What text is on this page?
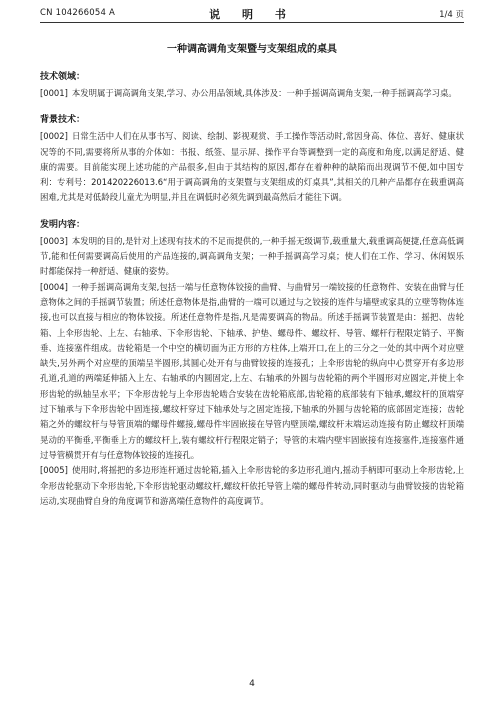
CN 104266054 A	说 明 书	1/4 页
一种调高调角支架暨与支架组成的桌具
技术领域：

[0001] 本发明属于调高调角支架,学习、办公用品领域,具体涉及：一种手摇调高调角支架,一种手摇调高学习桌。

背景技术：

[0002] 日常生活中人们在从事书写、阅读、绘制、影视观赏、手工操作等活动时,常因身高、体位、喜好、健康状况等的不同,需要将所从事的介体如：书报、纸签、显示屏、操作平台等调整到一定的高度和角度,以满足舒适、健康的需要。目前能实现上述功能的产品很多,但由于其结构的原因,都存在着种种的缺陷而出现调节不便,如中国专利：专利号：201420226013.6“用于调高调角的支架暨与支架组成的灯桌具”,其相关的几种产品都存在载重调高困难,尤其是对低龄段儿童尤为明显,并且在调低时必须先调到最高然后才能往下调。

发明内容：

[0003] 本发明的目的,是针对上述现有技术的不足而提供的,一种手摇无级调节,载重量大,载重调高便捷,任意高低调节,能和任何需要调高后使用的产品连接的,调高调角支架；一种手摇调高学习桌；使人们在工作、学习、休闲娱乐时都能保持一种舒适、健康的姿势。

[0004] 一种手摇调高调角支架,包括一端与任意物体铰接的曲臂、与曲臂另一端铰接的任意物件、安装在曲臂与任意物体之间的手摇调节装置；所述任意物体是指,曲臂的一端可以通过与之铰接的连件与墙壁或家具的立壁等物体连接,也可以直接与相应的物体铰接。所述任意物件是指,凡是需要调高的物品。所述手摇调节装置是由：摇把、齿轮箱、上伞形齿轮、上左、右轴承、下伞形齿轮、下轴承、护垫、螺母件、螺纹杆、导管、螺杆行程限定销子、平衡垂、连接塞件组成。齿轮箱是一个中空的横切面为正方形的方柱体,上端开口,在上的三分之一处的其中两个对应壁缺失,另外两个对应壁的顶端呈半圆形,其圆心处开有与曲臂铰接的连接孔；上伞形齿轮的纵向中心贯穿开有多边形孔道,孔道的两端延伸插入上左、右轴承的内圆固定,上左、右轴承的外圆与齿轮箱的两个半圆形对应圆定,并使上伞形齿轮的纵轴呈水平；下伞形齿轮与上伞形齿轮啮合安装在齿轮箱底部,齿轮箱的底部装有下轴承,螺纹杆的顶端穿过下轴承与下伞形齿轮中固连接,螺纹杆穿过下轴承处与之固定连接,下轴承的外圆与齿轮箱的底部固定连接；齿轮箱之外的螺纹杆与导管顶端的螺母件螺接,螺母件牢固嵌接在导管内壁顶端,螺纹杆末端运动连接有防止螺纹杆顶端晃动的平衡垂,平衡垂上方的螺纹杆上,装有螺纹杆行程限定销子；导管的末端内壁牢固嵌接有连接塞件,连接塞件通过导管横贯开有与任意物体铰接的连接孔。

[0005] 使用时,将摇把的多边形连杆通过齿轮箱,插入上伞形齿轮的多边形孔道内,摇动手柄即可驱动上伞形齿轮,上伞形齿轮驱动下伞形齿轮,下伞形齿轮驱动螺纹杆,螺纹杆依托导管上端的螺母件转动,同时驱动与曲臂铰接的齿轮箱运动,实现曲臂自身的角度调节和游离端任意物件的高度调节。

4
